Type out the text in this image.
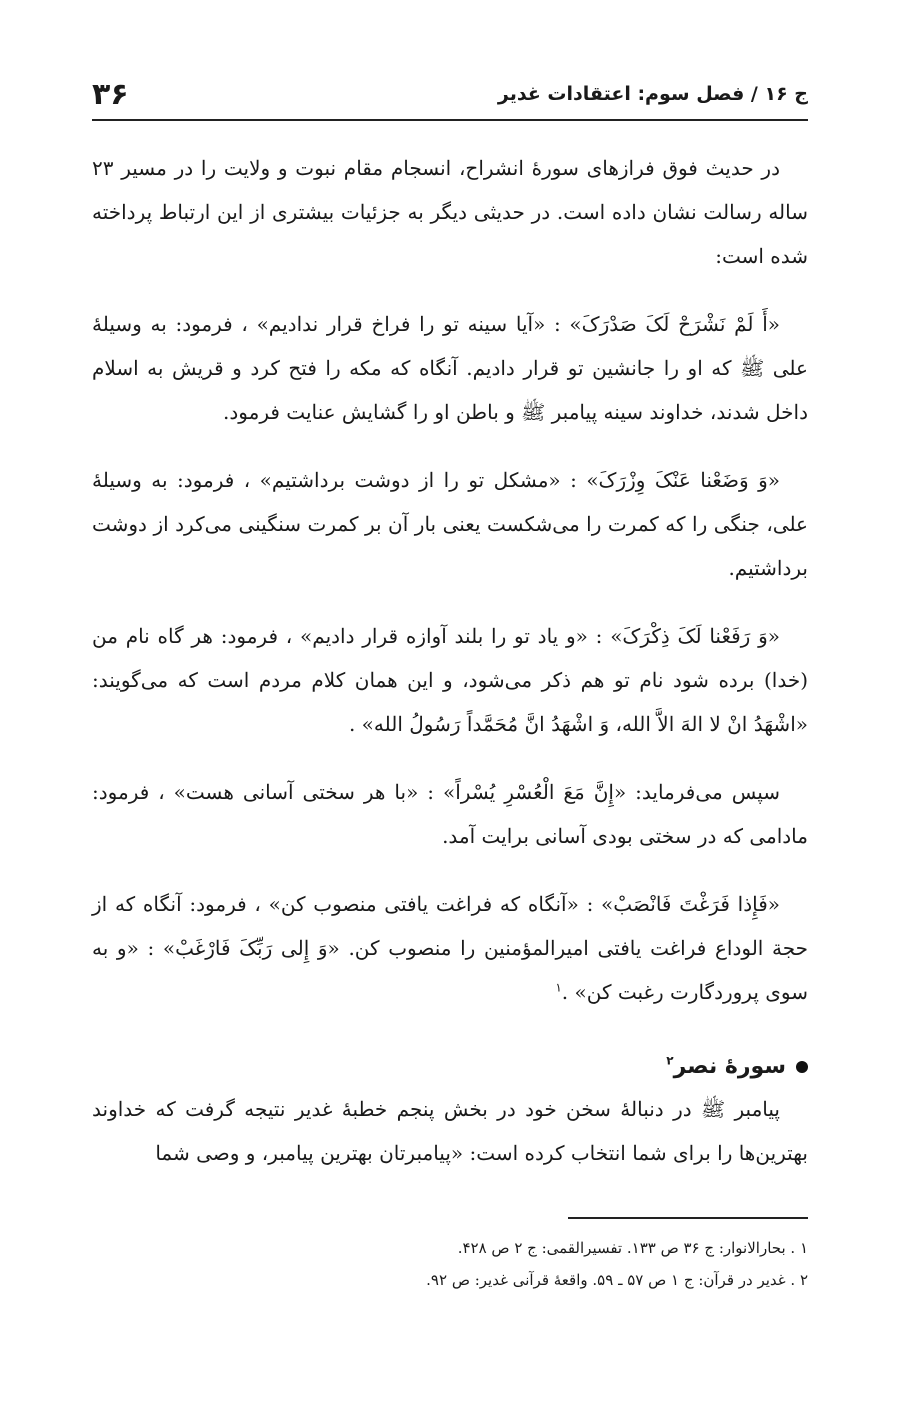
ج ۱۶ / فصل سوم: اعتقادات غدیر
۳۶

در حدیث فوق فرازهای سورهٔ انشراح، انسجام مقام نبوت و ولایت را در مسیر ۲۳ ساله رسالت نشان داده است. در حدیثی دیگر به جزئیات بیشتری از این ارتباط پرداخته شده است:

«أَ لَمْ نَشْرَحْ لَکَ صَدْرَکَ» : «آیا سینه تو را فراخ قرار ندادیم» ، فرمود: به وسیلهٔ علی ﷺ که او را جانشین تو قرار دادیم. آنگاه که مکه را فتح کرد و قریش به اسلام داخل شدند، خداوند سینه پیامبر ﷺ و باطن او را گشایش عنایت فرمود.

«وَ وَضَعْنا عَنْکَ وِزْرَکَ» : «مشکل تو را از دوشت برداشتیم» ، فرمود: به وسیلهٔ علی، جنگی را که کمرت را می‌شکست یعنی بار آن بر کمرت سنگینی می‌کرد از دوشت برداشتیم.

«وَ رَفَعْنا لَکَ ذِکْرَکَ» : «و یاد تو را بلند آوازه قرار دادیم» ، فرمود: هر گاه نام من (خدا) برده شود نام تو هم ذکر می‌شود، و این همان کلام مردم است که می‌گویند: «اشْهَدُ انْ لا الهَ الاَّ الله، وَ اشْهَدُ انَّ مُحَمَّداً رَسُولُ الله» .

سپس می‌فرماید: «إِنَّ مَعَ الْعُسْرِ یُسْراً» : «با هر سختی آسانی هست» ، فرمود: مادامی که در سختی بودی آسانی برایت آمد.

«فَإِذا فَرَغْتَ فَانْصَبْ» : «آنگاه که فراغت یافتی منصوب کن» ، فرمود: آنگاه که از حجة الوداع فراغت یافتی امیرالمؤمنین را منصوب کن. «وَ إِلی رَبِّکَ فَارْغَبْ» : «و به سوی پروردگارت رغبت کن» .$^۱$

سورهٔ نصر$^۲$

پیامبر ﷺ در دنبالهٔ سخن خود در بخش پنجم خطبهٔ غدیر نتیجه گرفت که خداوند بهترین‌ها را برای شما انتخاب کرده است: «پیامبرتان بهترین پیامبر، و وصی شما

۱ . بحارالانوار: ج ۳۶ ص ۱۳۳. تفسیرالقمی: ج ۲ ص ۴۲۸.
۲ . غدیر در قرآن: ج ۱ ص ۵۷ ـ ۵۹. واقعهٔ قرآنی غدیر: ص ۹۲.
